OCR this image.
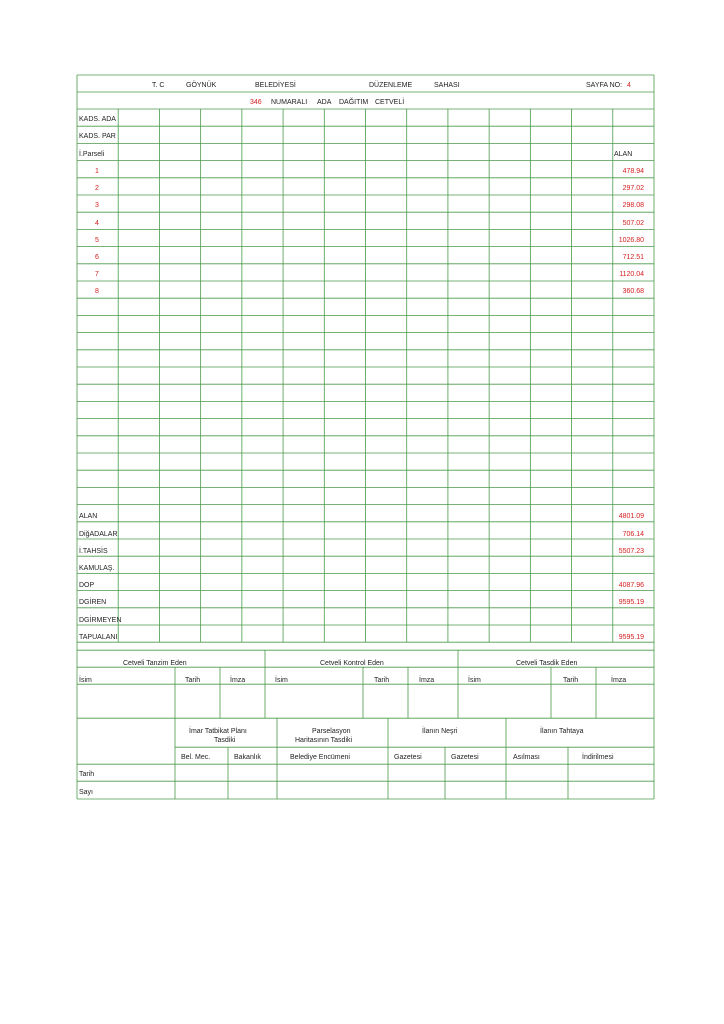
T. C	GÖYNÜK	BELEDİYESİ	DÜZENLEME	SAHASI	SAYFA NO: 4
346 NUMARALI ADA DAĞITIM CETVELİ
KADS. ADA
KADS. PAR
İ.Parseli	ALAN
1	478.94
2	297.02
3	298.08
4	507.02
5	1026.80
6	712.51
7	1120.04
8	360.68
ALAN	4801.09
DiğADALAR	706.14
İ.TAHSİS	5507.23
KAMULAŞ.
DOP	4087.96
DGİREN	9595.19
DGİRMEYEN
TAPUALANI	9595.19
Cetveli Tanzim Eden	Cetveli Kontrol Eden	Cetveli Tasdik Eden
İsim	Tarih	İmza	İsim	Tarih	İmza	İsim	Tarih	İmza
İmar Tatbikat Planı
Tasdiki
Parselasyon
Haritasının Tasdiki
İlanın Neşri	İlanın Tahtaya
Bel. Mec.	Bakanlık	Belediye Encümeni	Gazetesi	Gazetesi	Asılması	İndirilmesi
Tarih
Sayı
